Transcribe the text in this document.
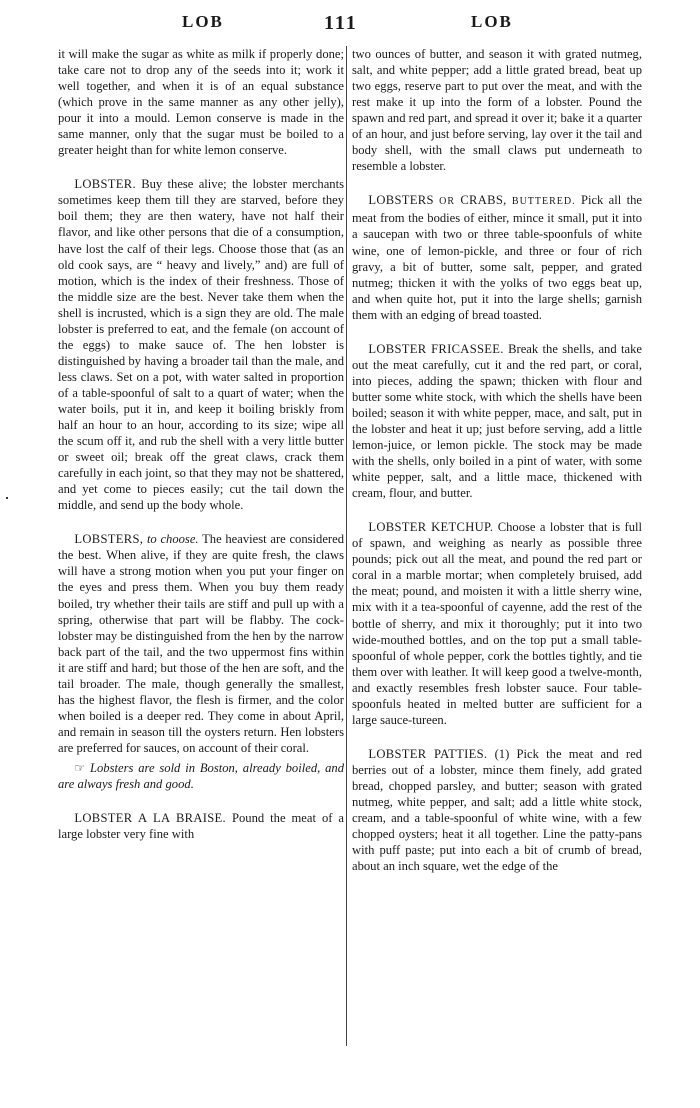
LOB	111	LOB

it will make the sugar as white as milk if properly done; take care not to drop any of the seeds into it; work it well together, and when it is of an equal substance (which prove in the same manner as any other jelly), pour it into a mould. Lemon conserve is made in the same manner, only that the sugar must be boiled to a greater height than for white lemon conserve.

LOBSTER. Buy these alive; the lobster merchants sometimes keep them till they are starved, before they boil them; they are then watery, have not half their flavor, and like other persons that die of a consumption, have lost the calf of their legs. Choose those that (as an old cook says, are “ heavy and lively,” and) are full of motion, which is the index of their freshness. Those of the middle size are the best. Never take them when the shell is incrusted, which is a sign they are old. The male lobster is preferred to eat, and the female (on account of the eggs) to make sauce of. The hen lobster is distinguished by having a broader tail than the male, and less claws. Set on a pot, with water salted in proportion of a table-spoonful of salt to a quart of water; when the water boils, put it in, and keep it boiling briskly from half an hour to an hour, according to its size; wipe all the scum off it, and rub the shell with a very little butter or sweet oil; break off the great claws, crack them carefully in each joint, so that they may not be shattered, and yet come to pieces easily; cut the tail down the middle, and send up the body whole.

LOBSTERS, to choose. The heaviest are considered the best. When alive, if they are quite fresh, the claws will have a strong motion when you put your finger on the eyes and press them. When you buy them ready boiled, try whether their tails are stiff and pull up with a spring, otherwise that part will be flabby. The cock-lobster may be distinguished from the hen by the narrow back part of the tail, and the two uppermost fins within it are stiff and hard; but those of the hen are soft, and the tail broader. The male, though generally the smallest, has the highest flavor, the flesh is firmer, and the color when boiled is a deeper red. They come in about April, and remain in season till the oysters return. Hen lobsters are preferred for sauces, on account of their coral.

☞ Lobsters are sold in Boston, already boiled, and are always fresh and good.

LOBSTER A LA BRAISE. Pound the meat of a large lobster very fine with

two ounces of butter, and season it with grated nutmeg, salt, and white pepper; add a little grated bread, beat up two eggs, reserve part to put over the meat, and with the rest make it up into the form of a lobster. Pound the spawn and red part, and spread it over it; bake it a quarter of an hour, and just before serving, lay over it the tail and body shell, with the small claws put underneath to resemble a lobster.

LOBSTERS OR CRABS, BUTTERED. Pick all the meat from the bodies of either, mince it small, put it into a saucepan with two or three table-spoonfuls of white wine, one of lemon-pickle, and three or four of rich gravy, a bit of butter, some salt, pepper, and grated nutmeg; thicken it with the yolks of two eggs beat up, and when quite hot, put it into the large shells; garnish them with an edging of bread toasted.

LOBSTER FRICASSEE. Break the shells, and take out the meat carefully, cut it and the red part, or coral, into pieces, adding the spawn; thicken with flour and butter some white stock, with which the shells have been boiled; season it with white pepper, mace, and salt, put in the lobster and heat it up; just before serving, add a little lemon-juice, or lemon pickle. The stock may be made with the shells, only boiled in a pint of water, with some white pepper, salt, and a little mace, thickened with cream, flour, and butter.

LOBSTER KETCHUP. Choose a lobster that is full of spawn, and weighing as nearly as possible three pounds; pick out all the meat, and pound the red part or coral in a marble mortar; when completely bruised, add the meat; pound, and moisten it with a little sherry wine, mix with it a tea-spoonful of cayenne, add the rest of the bottle of sherry, and mix it thoroughly; put it into two wide-mouthed bottles, and on the top put a small table-spoonful of whole pepper, cork the bottles tightly, and tie them over with leather. It will keep good a twelve-month, and exactly resembles fresh lobster sauce. Four table-spoonfuls heated in melted butter are sufficient for a large sauce-tureen.

LOBSTER PATTIES. (1) Pick the meat and red berries out of a lobster, mince them finely, add grated bread, chopped parsley, and butter; season with grated nutmeg, white pepper, and salt; add a little white stock, cream, and a table-spoonful of white wine, with a few chopped oysters; heat it all together. Line the patty-pans with puff paste; put into each a bit of crumb of bread, about an inch square, wet the edge of the
